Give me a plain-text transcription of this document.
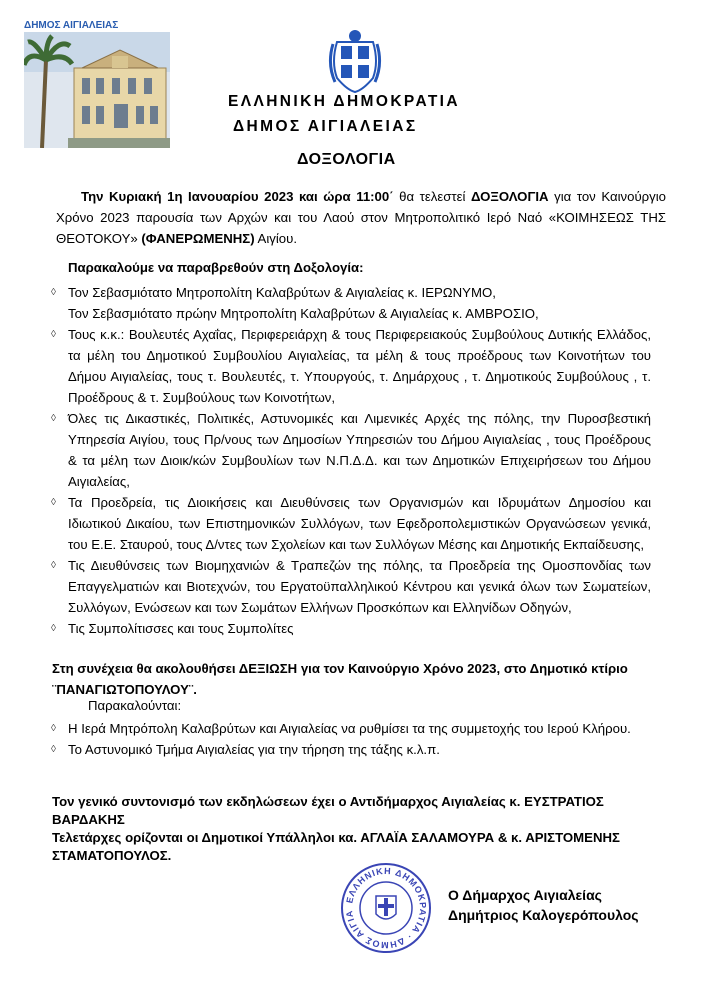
ΔΗΜΟΣ ΑΙΓΙΑΛΕΙΑΣ
ΕΛΛΗΝΙΚΗ ΔΗΜΟΚΡΑΤΙΑ
ΔΗΜΟΣ ΑΙΓΙΑΛΕΙΑΣ
ΔΟΞΟΛΟΓΙΑ
Την Κυριακή 1η Ιανουαρίου 2023 και ώρα 11:00΄ θα τελεστεί ΔΟΞΟΛΟΓΙΑ για τον Καινούργιο Χρόνο 2023 παρουσία των Αρχών και του Λαού στον Μητροπολιτικό Ιερό Ναό «ΚΟΙΜΗΣΕΩΣ ΤΗΣ ΘΕΟΤΟΚΟΥ» (ΦΑΝΕΡΩΜΕΝΗΣ) Αιγίου.
Παρακαλούμε να παραβρεθούν στη Δοξολογία:
◊ Τον Σεβασμιότατο Μητροπολίτη Καλαβρύτων & Αιγιαλείας κ. ΙΕΡΩΝΥΜΟ,
Τον Σεβασμιότατο πρώην Μητροπολίτη Καλαβρύτων & Αιγιαλείας κ. ΑΜΒΡΟΣΙΟ,
◊ Τους κ.κ.: Βουλευτές Αχαΐας, Περιφερειάρχη & τους Περιφερειακούς Συμβούλους Δυτικής Ελλάδος, τα μέλη του Δημοτικού Συμβουλίου Αιγιαλείας, τα μέλη & τους προέδρους των Κοινοτήτων του Δήμου Αιγιαλείας, τους τ. Βουλευτές, τ. Υπουργούς, τ. Δημάρχους , τ. Δημοτικούς Συμβούλους , τ. Προέδρους & τ. Συμβούλους των Κοινοτήτων,
◊ Όλες τις Δικαστικές, Πολιτικές, Αστυνομικές και Λιμενικές Αρχές της πόλης, την Πυροσβεστική Υπηρεσία Αιγίου, τους Πρ/νους των Δημοσίων Υπηρεσιών του Δήμου Αιγιαλείας , τους Προέδρους & τα μέλη των Διοικ/κών Συμβουλίων των Ν.Π.Δ.Δ. και των Δημοτικών Επιχειρήσεων του Δήμου Αιγιαλείας,
◊ Τα Προεδρεία, τις Διοικήσεις και Διευθύνσεις των Οργανισμών και Ιδρυμάτων Δημοσίου και Ιδιωτικού Δικαίου, των Επιστημονικών Συλλόγων, των Εφεδροπολεμιστικών Οργανώσεων γενικά, του Ε.Ε. Σταυρού, τους Δ/ντες των Σχολείων και των Συλλόγων Μέσης και Δημοτικής Εκπαίδευσης,
◊ Τις Διευθύνσεις των Βιομηχανιών & Τραπεζών της πόλης, τα Προεδρεία της Ομοσπονδίας των Επαγγελματιών και Βιοτεχνών, του Εργατοϋπαλληλικού Κέντρου και γενικά όλων των Σωματείων, Συλλόγων, Ενώσεων και των Σωμάτων Ελλήνων Προσκόπων και Ελληνίδων Οδηγών,
◊ Τις Συμπολίτισσες και τους Συμπολίτες
Στη συνέχεια θα ακολουθήσει ΔΕΞΙΩΣΗ για τον Καινούργιο Χρόνο 2023, στο Δημοτικό κτίριο ¨ΠΑΝΑΓΙΩΤΟΠΟΥΛΟΥ¨.
Παρακαλούνται:
◊ Η Ιερά Μητρόπολη Καλαβρύτων και Αιγιαλείας να ρυθμίσει τα της συμμετοχής του Ιερού Κλήρου.
◊ Το Αστυνομικό Τμήμα Αιγιαλείας για την τήρηση της τάξης κ.λ.π.
Τον γενικό συντονισμό των εκδηλώσεων έχει ο Αντιδήμαρχος Αιγιαλείας κ. ΕΥΣΤΡΑΤΙΟΣ ΒΑΡΔΑΚΗΣ
Τελετάρχες ορίζονται οι Δημοτικοί Υπάλληλοι κα. ΑΓΛΑΪΑ ΣΑΛΑΜΟΥΡΑ & κ. ΑΡΙΣΤΟΜΕΝΗΣ ΣΤΑΜΑΤΟΠΟΥΛΟΣ.
ΕΛΛΗΝΙΚΗ ΔΗΜΟΚΡΑΤΙΑ · ΔΗΜΟΣ ΑΙΓΙΑ
Ο Δήμαρχος Αιγιαλείας
Δημήτριος Καλογερόπουλος
